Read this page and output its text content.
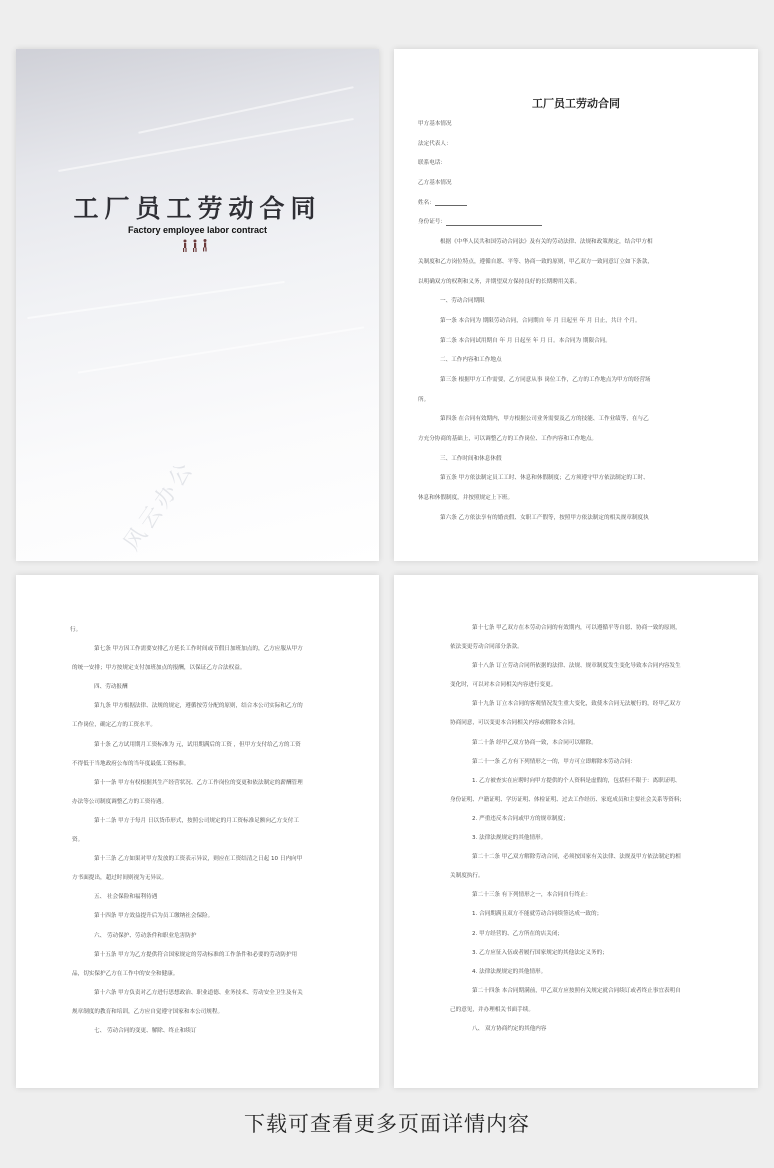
工厂员工劳动合同
Factory employee labor contract
风云办公
工厂员工劳动合同
甲方基本情况
法定代表人：
联系电话：
乙方基本情况
姓名：
身份证号：
根据《中华人民共和国劳动合同法》及有关的劳动法律、法规和政策规定，结合甲方相
关制度和乙方岗位特点，遵循自愿、平等、协商一致的原则，甲乙双方一致同意订立如下条款，
以明确双方的权利和义务，并期望双方保持良好的长期聘用关系。
一、劳动合同期限
第一条 本合同为 期限劳动合同，合同期自 年 月 日起至 年 月 日止，共计 个月。
第二条 本合同试用期自 年 月 日起至 年 月 日。本合同为 期限合同。
二、工作内容和工作地点
第三条 根据甲方工作需要，乙方同意从事 岗位工作，乙方的工作地点为甲方的经营场
所。
第四条 在合同有效期内，甲方根据公司业务需要及乙方的技能、工作业绩等，在与乙
方充分协商的基础上，可以调整乙方的工作岗位、工作内容和工作地点。
三、工作时间和休息休假
第五条 甲方依法制定员工工时、休息和休假制度；乙方须遵守甲方依法制定的工时、
休息和休假制度，并按照规定上下班。
第六条 乙方依法享有的婚丧假、女职工产假等，按照甲方依法制定的相关规章制度执
行。
第七条 甲方因工作需要安排乙方延长工作时间或节假日加班加点的，乙方应服从甲方
的统一安排；甲方按规定支付加班加点的报酬，以保证乙方合法权益。
四、劳动报酬
第九条 甲方根据法律、法规的规定，遵循按劳分配的原则，结合本公司实际和乙方的
工作岗位，确定乙方的工资水平。
第十条 乙方试用期月工资标准为 元，试用期满后的工资 ，但甲方支付给乙方的工资
不得低于当地政府公布的当年度最低工资标准。
第十一条 甲方有权根据其生产经营状况、乙方工作岗位的变更和依法制定的薪酬管理
办法等公司制度调整乙方的工资待遇。
第十二条 甲方于每月 日以货币形式，按照公司规定的月工资标准足额向乙方支付工
资。
第十三条 乙方如果对甲方发放的工资表示异议，则应在工资结清之日起 10 日内向甲
方书面提出，超过时间则视为无异议。
五、 社会保险和福利待遇
第十四条 甲方效益提升后为员工缴纳社会保险。
六、 劳动保护、劳动条件和职业危害防护
第十五条 甲方为乙方提供符合国家规定的劳动标准的工作条件和必要的劳动防护用
品，切实保护乙方在工作中的安全和健康。
第十六条 甲方负责对乙方进行思想政治、职业道德、业务技术、劳动安全卫生及有关
规章制度的教育和培训，乙方应自觉遵守国家和本公司规程。
七、 劳动合同的变更、解除、终止和续订
第十七条 甲乙双方在本劳动合同的有效期内，可以遵循平等自愿、协商一致的原则，
依法变更劳动合同部分条款。
第十八条 订立劳动合同所依据的法律、法规、规章制度发生变化导致本合同内容发生
变化时，可以对本合同相关内容进行变更。
第十九条 订立本合同的客观情况发生重大变化，致使本合同无法履行的，经甲乙双方
协商同意，可以变更本合同相关内容或解除本合同。
第二十条 经甲乙双方协商一致，本合同可以解除。
第二十一条 乙方有下列情形之一的，甲方可立即解除本劳动合同：
1. 乙方被查实在应聘时向甲方提供的个人资料是虚假的，包括但不限于：离职证明、
身份证明、户籍证明、学历证明、体检证明、过去工作经历、家庭成员和主要社会关系等资料；
2. 严重违反本合同或甲方的规章制度；
3. 法律法规规定的其他情形。
第二十二条 甲乙双方解除劳动合同，必须按国家有关法律、法规及甲方依法制定的相
关制度执行。
第二十三条 有下列情形之一，本合同自行终止：
1. 合同期满且双方不能就劳动合同续签达成一致的；
2. 甲方经营的、乙方所在的店关闭；
3. 乙方应征入伍或者履行国家规定的其他法定义务的；
4. 法律法规规定的其他情形。
第二十四条 本合同期满前，甲乙双方应按照有关规定就合同续订或者终止事宜表明自
己的意见，并办理相关书面手续。
八、 双方协商约定的其他内容
下载可查看更多页面详情内容
